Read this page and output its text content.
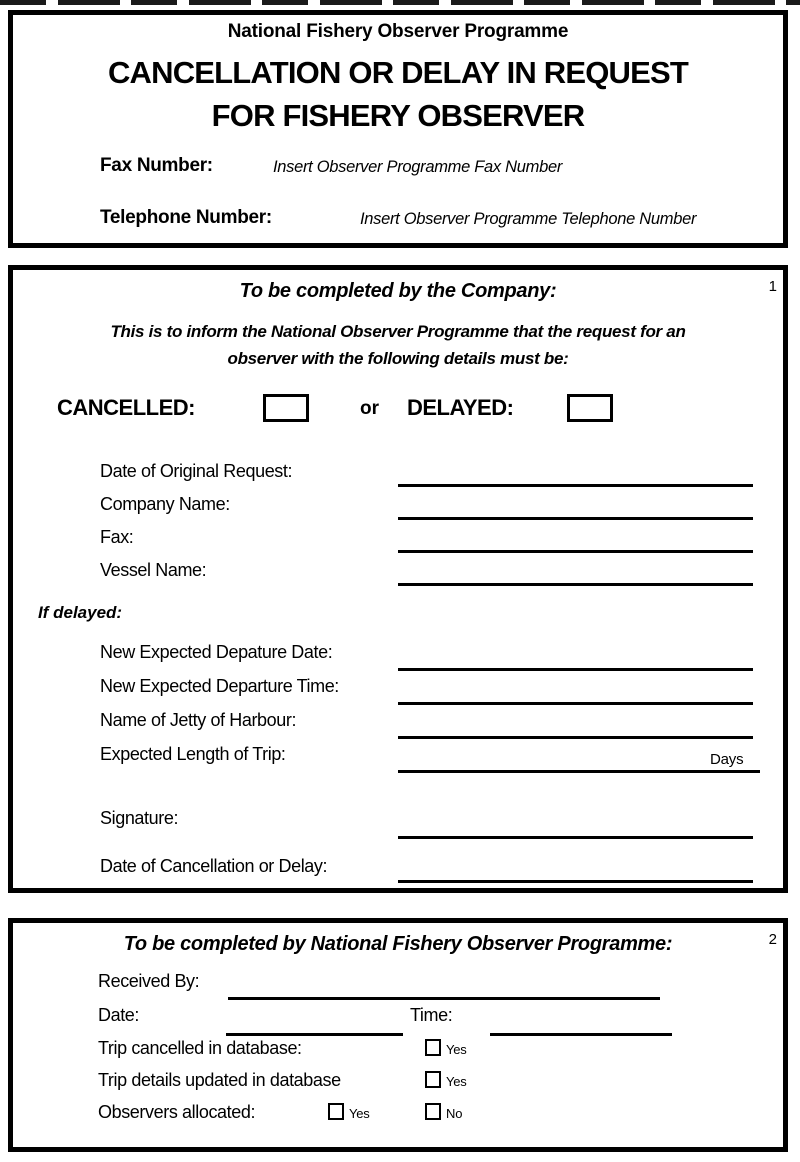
National Fishery Observer Programme
CANCELLATION OR DELAY IN REQUEST
FOR FISHERY OBSERVER
Fax Number:	Insert Observer Programme Fax Number
Telephone Number:	Insert Observer Programme Telephone Number
To be completed by the Company:	1
This is to inform the National Observer Programme that the request for an
observer with the following details must be:
CANCELLED:	or DELAYED:
Date of Original Request:
Company Name:
Fax:
Vessel Name:
If delayed:
New Expected Depature Date:
New Expected Departure Time:
Name of Jetty of Harbour:
Expected Length of Trip:	Days
Signature:
Date of Cancellation or Delay:
To be completed by National Fishery Observer Programme:	2
Received By:
Date:	Time:
Trip cancelled in database:	Yes
Trip details updated in database	Yes
Observers allocated:	Yes	No
